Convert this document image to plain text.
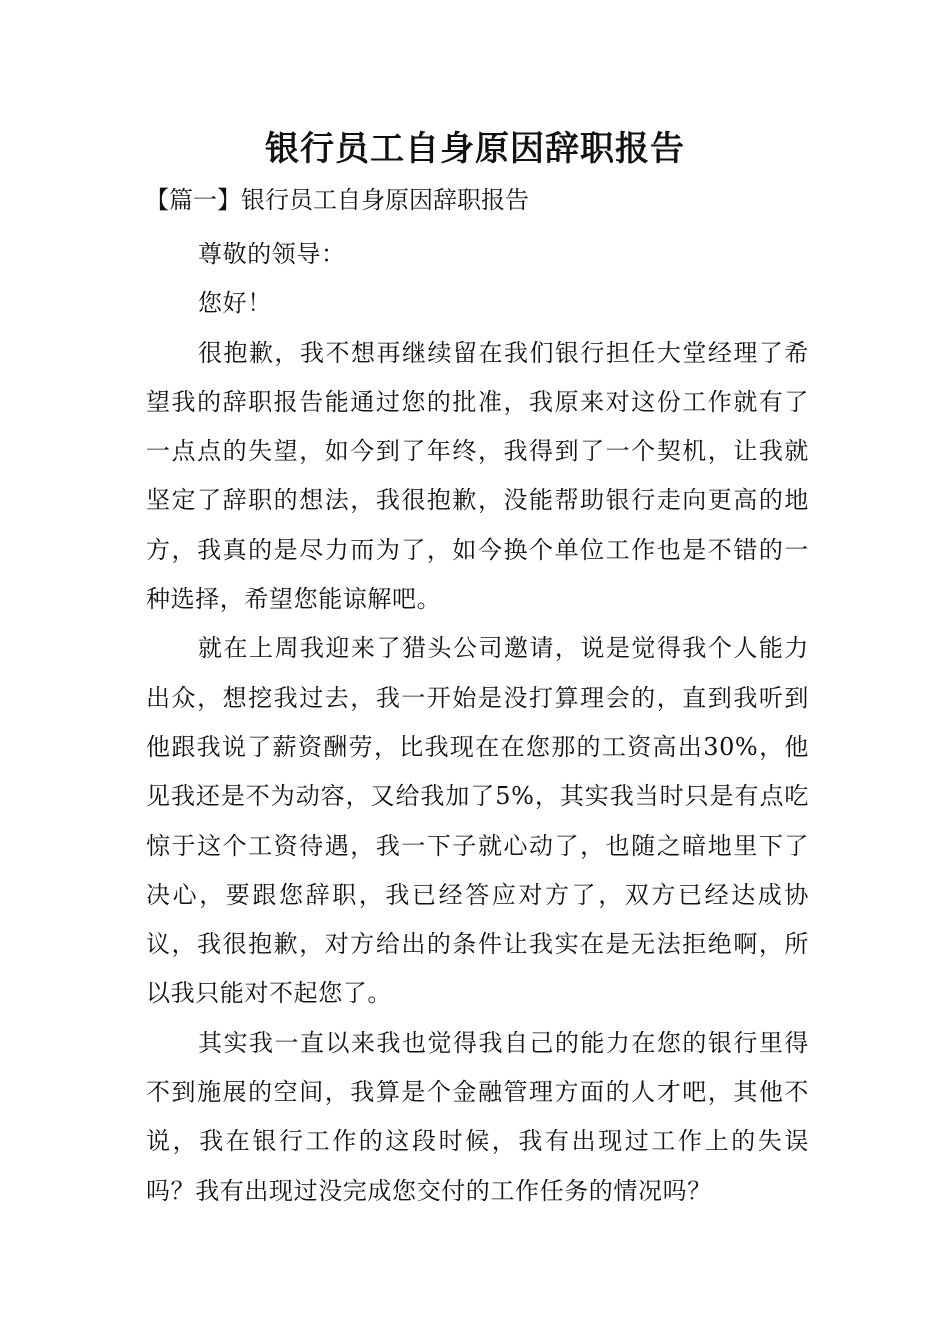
银行员工自身原因辞职报告

【篇一】银行员工自身原因辞职报告

尊敬的领导：

您好！

很抱歉，我不想再继续留在我们银行担任大堂经理了希望我的辞职报告能通过您的批准，我原来对这份工作就有了一点点的失望，如今到了年终，我得到了一个契机，让我就坚定了辞职的想法，我很抱歉，没能帮助银行走向更高的地方，我真的是尽力而为了，如今换个单位工作也是不错的一种选择，希望您能谅解吧。

就在上周我迎来了猎头公司邀请，说是觉得我个人能力出众，想挖我过去，我一开始是没打算理会的，直到我听到他跟我说了薪资酬劳，比我现在在您那的工资高出30%，他见我还是不为动容，又给我加了5%，其实我当时只是有点吃惊于这个工资待遇，我一下子就心动了，也随之暗地里下了决心，要跟您辞职，我已经答应对方了，双方已经达成协议，我很抱歉，对方给出的条件让我实在是无法拒绝啊，所以我只能对不起您了。

其实我一直以来我也觉得我自己的能力在您的银行里得不到施展的空间，我算是个金融管理方面的人才吧，其他不说，我在银行工作的这段时候，我有出现过工作上的失误吗？我有出现过没完成您交付的工作任务的情况吗？
